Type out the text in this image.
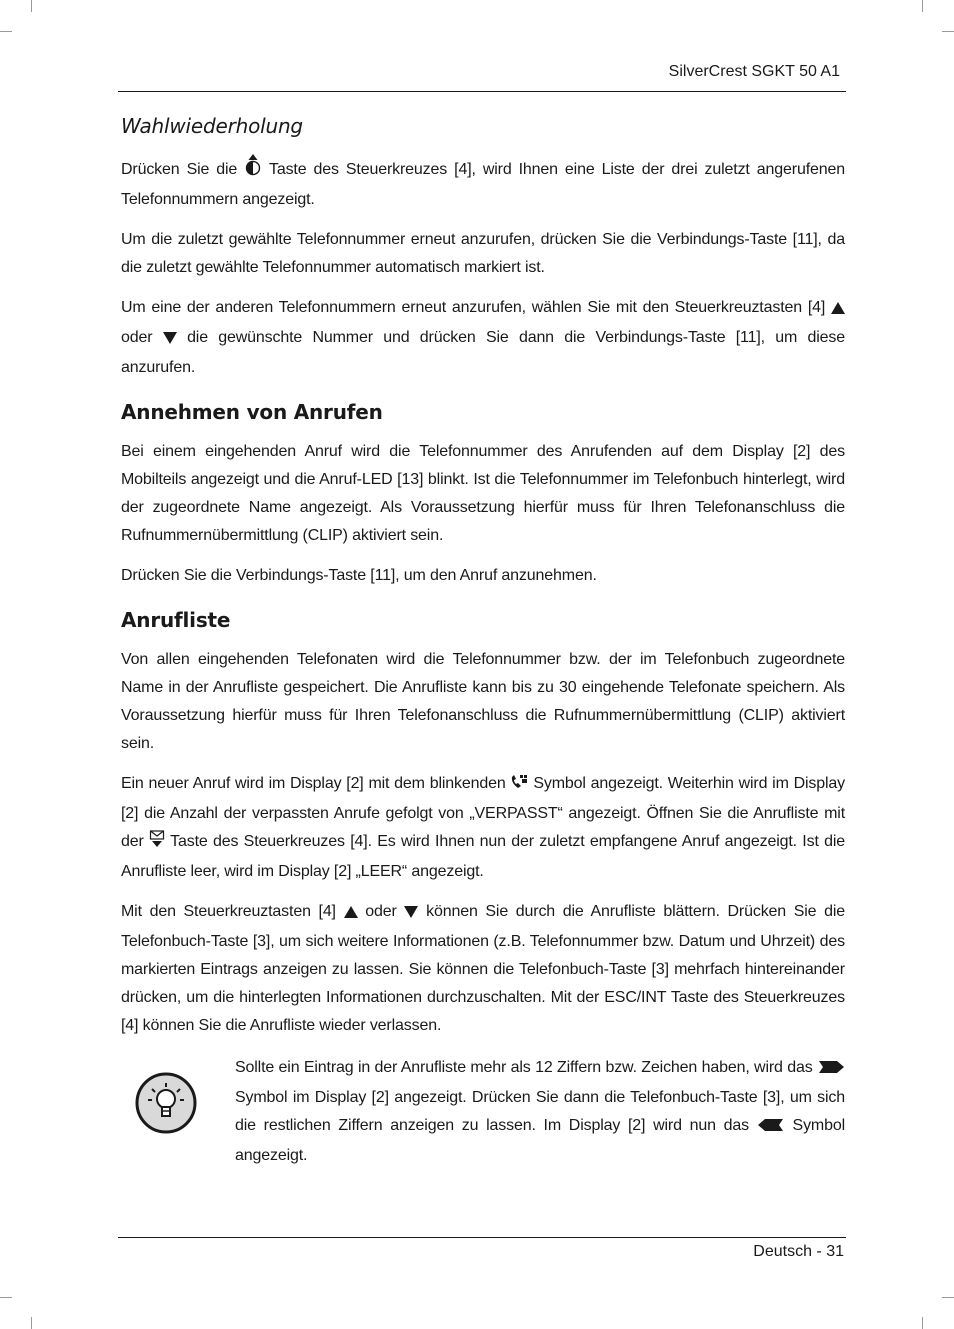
SilverCrest SGKT 50 A1
Wahlwiederholung

Drücken Sie die Taste des Steuerkreuzes [4], wird Ihnen eine Liste der drei zuletzt angerufenen Telefonnummern angezeigt.

Um die zuletzt gewählte Telefonnummer erneut anzurufen, drücken Sie die Verbindungs-Taste [11], da die zuletzt gewählte Telefonnummer automatisch markiert ist.

Um eine der anderen Telefonnummern erneut anzurufen, wählen Sie mit den Steuerkreuztasten [4]  oder die gewünschte Nummer und drücken Sie dann die Verbindungs-Taste [11], um diese anzurufen.

Annehmen von Anrufen

Bei einem eingehenden Anruf wird die Telefonnummer des Anrufenden auf dem Display [2] des Mobilteils angezeigt und die Anruf-LED [13] blinkt. Ist die Telefonnummer im Telefonbuch hinterlegt, wird der zugeordnete Name angezeigt. Als Voraussetzung hierfür muss für Ihren Telefonanschluss die Rufnummernübermittlung (CLIP) aktiviert sein.

Drücken Sie die Verbindungs-Taste [11], um den Anruf anzunehmen.

Anrufliste

Von allen eingehenden Telefonaten wird die Telefonnummer bzw. der im Telefonbuch zugeordnete Name in der Anrufliste gespeichert. Die Anrufliste kann bis zu 30 eingehende Telefonate speichern. Als Voraussetzung hierfür muss für Ihren Telefonanschluss die Rufnummernübermittlung (CLIP) aktiviert sein.

Ein neuer Anruf wird im Display [2] mit dem blinkenden Symbol angezeigt. Weiterhin wird im Display [2] die Anzahl der verpassten Anrufe gefolgt von „VERPASST“ angezeigt. Öffnen Sie die Anrufliste mit der Taste des Steuerkreuzes [4]. Es wird Ihnen nun der zuletzt empfangene Anruf angezeigt. Ist die Anrufliste leer, wird im Display [2] „LEER“ angezeigt.

Mit den Steuerkreuztasten [4] oder können Sie durch die Anrufliste blättern. Drücken Sie die Telefonbuch-Taste [3], um sich weitere Informationen (z.B. Telefonnummer bzw. Datum und Uhrzeit) des markierten Eintrags anzeigen zu lassen. Sie können die Telefonbuch-Taste [3] mehrfach hintereinander drücken, um die hinterlegten Informationen durchzuschalten. Mit der ESC/INT Taste des Steuerkreuzes [4] können Sie die Anrufliste wieder verlassen.

Sollte ein Eintrag in der Anrufliste mehr als 12 Ziffern bzw. Zeichen haben, wird das  Symbol im Display [2] angezeigt. Drücken Sie dann die Telefonbuch-Taste [3], um sich die restlichen Ziffern anzeigen zu lassen. Im Display [2] wird nun das	Symbol angezeigt.

Deutsch - 31
